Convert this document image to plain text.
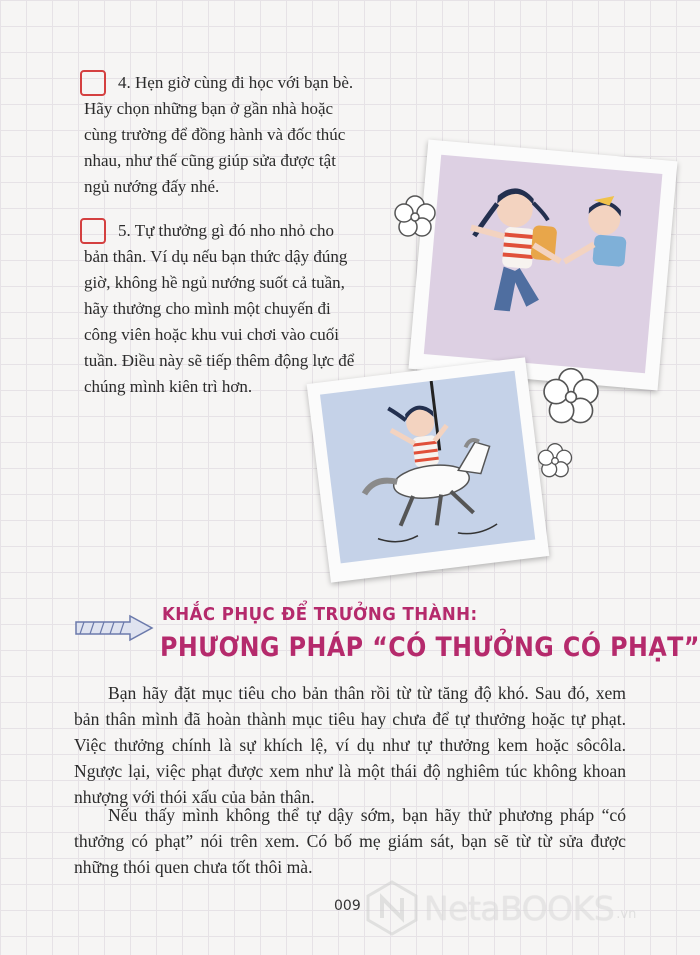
4. Hẹn giờ cùng đi học với bạn bè. Hãy chọn những bạn ở gần nhà hoặc cùng trường để đồng hành và đốc thúc nhau, như thế cũng giúp sửa được tật ngủ nướng đấy nhé.

5. Tự thưởng gì đó nho nhỏ cho bản thân. Ví dụ nếu bạn thức dậy đúng giờ, không hề ngủ nướng suốt cả tuần, hãy thưởng cho mình một chuyến đi công viên hoặc khu vui chơi vào cuối tuần. Điều này sẽ tiếp thêm động lực để chúng mình kiên trì hơn.

KHẮC PHỤC ĐỂ TRƯỞNG THÀNH:

PHƯƠNG PHÁP “CÓ THƯỞNG CÓ PHẠT”

Bạn hãy đặt mục tiêu cho bản thân rồi từ từ tăng độ khó. Sau đó, xem bản thân mình đã hoàn thành mục tiêu hay chưa để tự thưởng hoặc tự phạt. Việc thưởng chính là sự khích lệ, ví dụ như tự thưởng kem hoặc sôcôla. Ngược lại, việc phạt được xem như là một thái độ nghiêm túc không khoan nhượng với thói xấu của bản thân.

Nếu thấy mình không thể tự dậy sớm, bạn hãy thử phương pháp “có thưởng có phạt” nói trên xem. Có bố mẹ giám sát, bạn sẽ từ từ sửa được những thói quen chưa tốt thôi mà.

009 NetaBOOKS .vn
